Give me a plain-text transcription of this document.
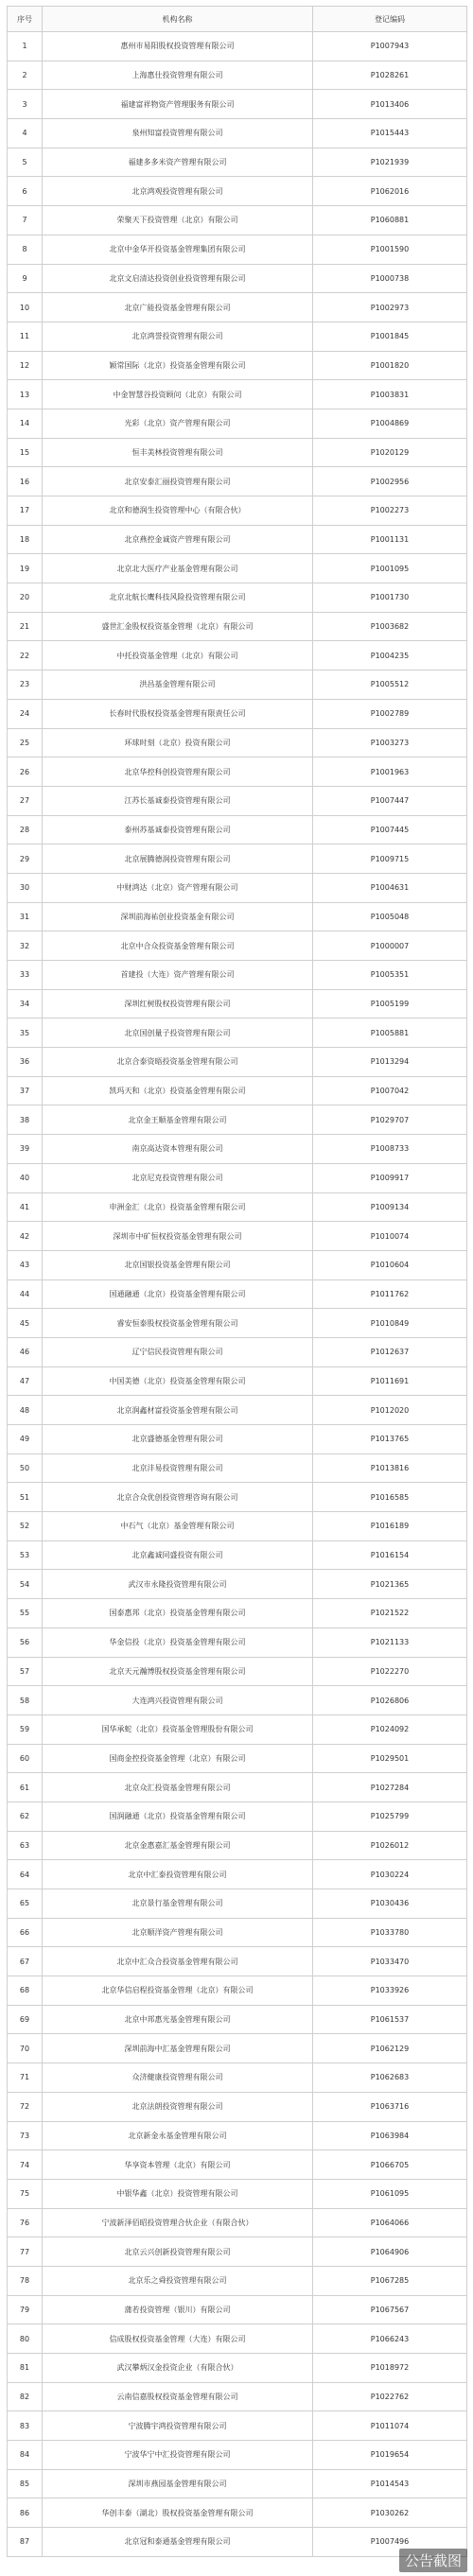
序号	机构名称	登记编码
1	惠州市易阳股权投资管理有限公司	P1007943
2	上海惠仕投资管理有限公司	P1028261
3	福建富祥物资产管理服务有限公司	P1013406
4	泉州知富投资管理有限公司	P1015443
5	福建多多米资产管理有限公司	P1021939
6	北京鸿观投资管理有限公司	P1062016
7	荣聚天下投资管理（北京）有限公司	P1060881
8	北京中金华开投资基金管理集团有限公司	P1001590
9	北京文启清达投资创业投资管理有限公司	P1000738
10	北京广能投资基金管理有限公司	P1002973
11	北京鸿誉投资管理有限公司	P1001845
12	颖常国际（北京）投资基金管理有限公司	P1001820
13	中金智慧谷投资顾问（北京）有限公司	P1003831
14	光彩（北京）资产管理有限公司	P1004869
15	恒丰美林投资管理有限公司	P1020129
16	北京安泰汇丽投资管理有限公司	P1002956
17	北京和德润生投资管理中心（有限合伙）	P1002273
18	北京燕控金诚资产管理有限公司	P1001131
19	北京北大医疗产业基金管理有限公司	P1001095
20	北京北航长鹰科技风险投资管理有限公司	P1001730
21	盛世汇金股权投资基金管理（北京）有限公司	P1003682
22	中托投资基金管理（北京）有限公司	P1004235
23	洪昌基金管理有限公司	P1005512
24	长春时代股权投资基金管理有限责任公司	P1002789
25	环球时刻（北京）投资有限公司	P1003273
26	北京华控科创投资管理有限公司	P1001963
27	江苏长基诚泰投资管理有限公司	P1007447
28	泰州苏基诚泰投资管理有限公司	P1007445
29	北京展腾德润投资管理有限公司	P1009715
30	中财鸿达（北京）资产管理有限公司	P1004631
31	深圳前海祐创业投资基金有限公司	P1005048
32	北京中合众投资基金管理有限公司	P1000007
33	首建投（大连）资产管理有限公司	P1005351
34	深圳红树股权投资管理有限公司	P1005199
35	北京国创量子投资管理有限公司	P1005881
36	北京合泰资晤投资基金管理有限公司	P1013294
37	凯玛天和（北京）投资基金管理有限公司	P1007042
38	北京金王顺基金管理有限公司	P1029707
39	南京高达资本管理有限公司	P1008733
40	北京尼克投资管理有限公司	P1009917
41	申洲金汇（北京）投资基金管理有限公司	P1009134
42	深圳市中矿恒权投资基金管理有限公司	P1010074
43	北京国银投资基金管理有限公司	P1010604
44	国通融通（北京）投资基金管理有限公司	P1011762
45	睿安恒泰股权投资基金管理有限公司	P1010849
46	辽宁信民投资管理有限公司	P1012637
47	中国美德（北京）投资基金管理有限公司	P1011691
48	北京润鑫材富投资基金管理有限公司	P1012020
49	北京盛德基金管理有限公司	P1013765
50	北京沣易投资管理有限公司	P1013816
51	北京合众优创投资管理咨询有限公司	P1016585
52	中石气（北京）基金管理有限公司	P1016189
53	北京鑫诚同盛投资有限公司	P1016154
54	武汉市永隆投资管理有限公司	P1021365
55	国泰惠邦（北京）投资基金管理有限公司	P1021522
56	华金信投（北京）投资基金管理有限公司	P1021133
57	北京天元瀚博股权投资基金管理有限公司	P1022270
58	大连鸿兴投资管理有限公司	P1026806
59	国华承蛇（北京）投资基金管理股份有限公司	P1024092
60	国商金控投资基金管理（北京）有限公司	P1029501
61	北京众汇投资基金管理有限公司	P1027284
62	国润融通（北京）投资基金管理有限公司	P1025799
63	北京金惠嘉汇基金管理有限公司	P1026012
64	北京中汇泰投资管理有限公司	P1030224
65	北京景行基金管理有限公司	P1030436
66	北京顺洋资产管理有限公司	P1033780
67	北京中汇众合投资基金管理有限公司	P1033470
68	北京华信启程投资基金管理（北京）有限公司	P1033926
69	北京中邦惠光基金管理有限公司	P1061537
70	深圳前海中汇基金管理有限公司	P1062129
71	众济健康投资管理有限公司	P1062683
72	北京法朗投资管理有限公司	P1063716
73	北京新金永基金管理有限公司	P1063984
74	华享资本管理（北京）有限公司	P1066705
75	中银华鑫（北京）投资管理有限公司	P1061095
76	宁波新泽佰昭投资管理合伙企业（有限合伙）	P1064066
77	北京云兴创新投资管理有限公司	P1064906
78	北京乐之舜投资管理有限公司	P1067285
79	蒲若投资管理（银川）有限公司	P1067567
80	信成股权投资基金管理（大连）有限公司	P1066243
81	武汉攀炳汉金投资企业（有限合伙）	P1018972
82	云南信嘉股权投资基金管理有限公司	P1022762
83	宁波腾宇鸿投资管理有限公司	P1011074
84	宁波华宁中汇投资管理有限公司	P1019654
85	深圳市燕园基金管理有限公司	P1014543
86	华创丰泰（湖北）股权投资基金管理有限公司	P1030262
87	北京冠和泰通基金管理有限公司	P1007496
公告截图
